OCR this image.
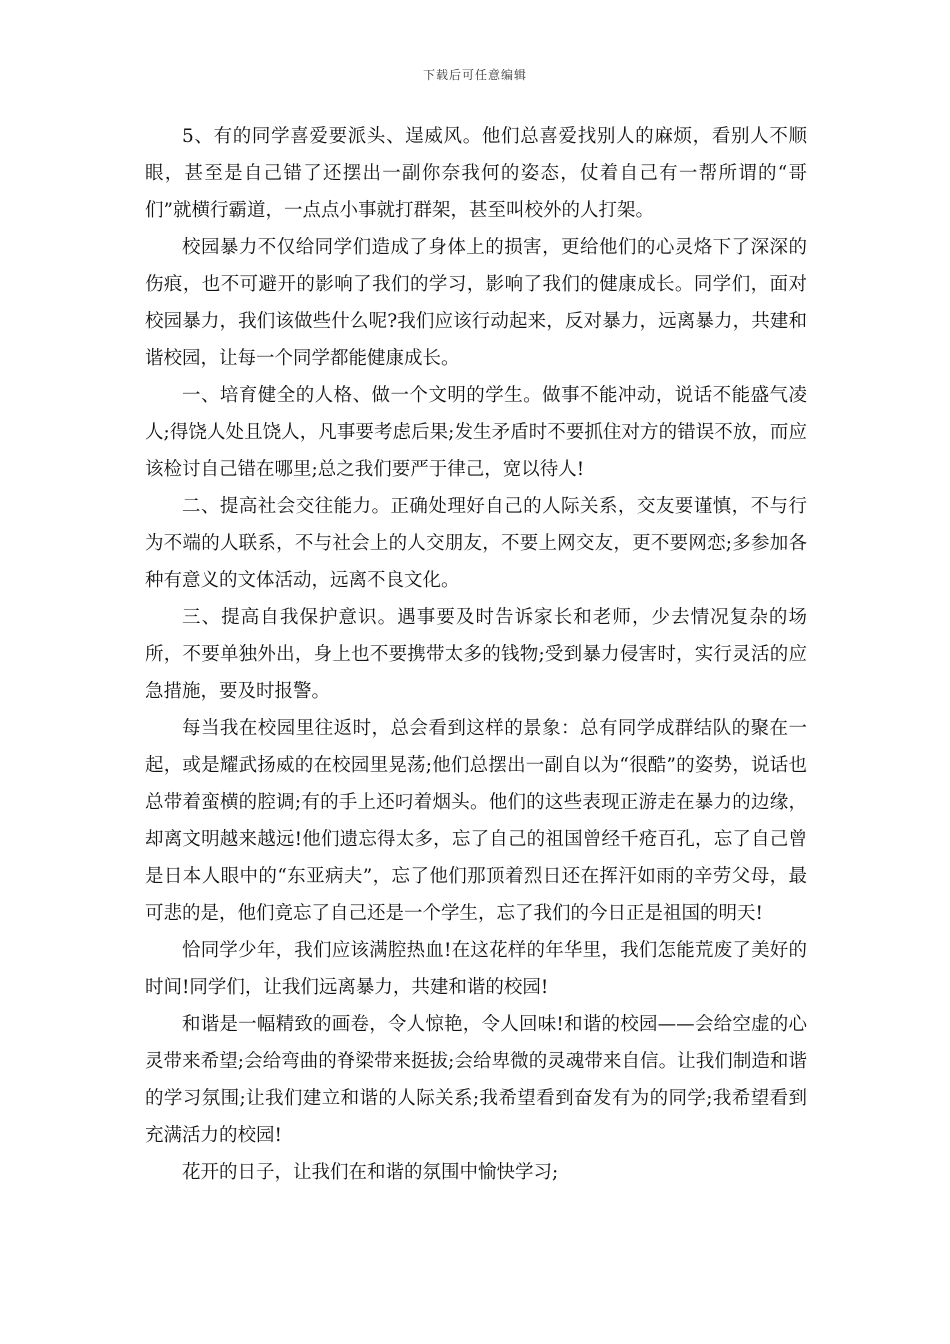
下载后可任意编辑

5、有的同学喜爱要派头、逞威风。他们总喜爱找别人的麻烦，看别人不顺眼，甚至是自己错了还摆出一副你奈我何的姿态，仗着自己有一帮所谓的“哥们”就横行霸道，一点点小事就打群架，甚至叫校外的人打架。

校园暴力不仅给同学们造成了身体上的损害，更给他们的心灵烙下了深深的伤痕，也不可避开的影响了我们的学习，影响了我们的健康成长。同学们，面对校园暴力，我们该做些什么呢?我们应该行动起来，反对暴力，远离暴力，共建和谐校园，让每一个同学都能健康成长。

一、培育健全的人格、做一个文明的学生。做事不能冲动，说话不能盛气凌人;得饶人处且饶人，凡事要考虑后果;发生矛盾时不要抓住对方的错误不放，而应该检讨自己错在哪里;总之我们要严于律己，宽以待人!

二、提高社会交往能力。正确处理好自己的人际关系，交友要谨慎，不与行为不端的人联系，不与社会上的人交朋友，不要上网交友，更不要网恋;多参加各种有意义的文体活动，远离不良文化。

三、提高自我保护意识。遇事要及时告诉家长和老师，少去情况复杂的场所，不要单独外出，身上也不要携带太多的钱物;受到暴力侵害时，实行灵活的应急措施，要及时报警。

每当我在校园里往返时，总会看到这样的景象：总有同学成群结队的聚在一起，或是耀武扬威的在校园里晃荡;他们总摆出一副自以为“很酷”的姿势，说话也总带着蛮横的腔调;有的手上还叼着烟头。他们的这些表现正游走在暴力的边缘，却离文明越来越远!他们遗忘得太多，忘了自己的祖国曾经千疮百孔，忘了自己曾是日本人眼中的“东亚病夫”，忘了他们那顶着烈日还在挥汗如雨的辛劳父母，最可悲的是，他们竟忘了自己还是一个学生，忘了我们的今日正是祖国的明天!

恰同学少年，我们应该满腔热血!在这花样的年华里，我们怎能荒废了美好的时间!同学们，让我们远离暴力，共建和谐的校园!

和谐是一幅精致的画卷，令人惊艳，令人回味!和谐的校园——会给空虚的心灵带来希望;会给弯曲的脊梁带来挺拔;会给卑微的灵魂带来自信。让我们制造和谐的学习氛围;让我们建立和谐的人际关系;我希望看到奋发有为的同学;我希望看到充满活力的校园!

花开的日子，让我们在和谐的氛围中愉快学习;
